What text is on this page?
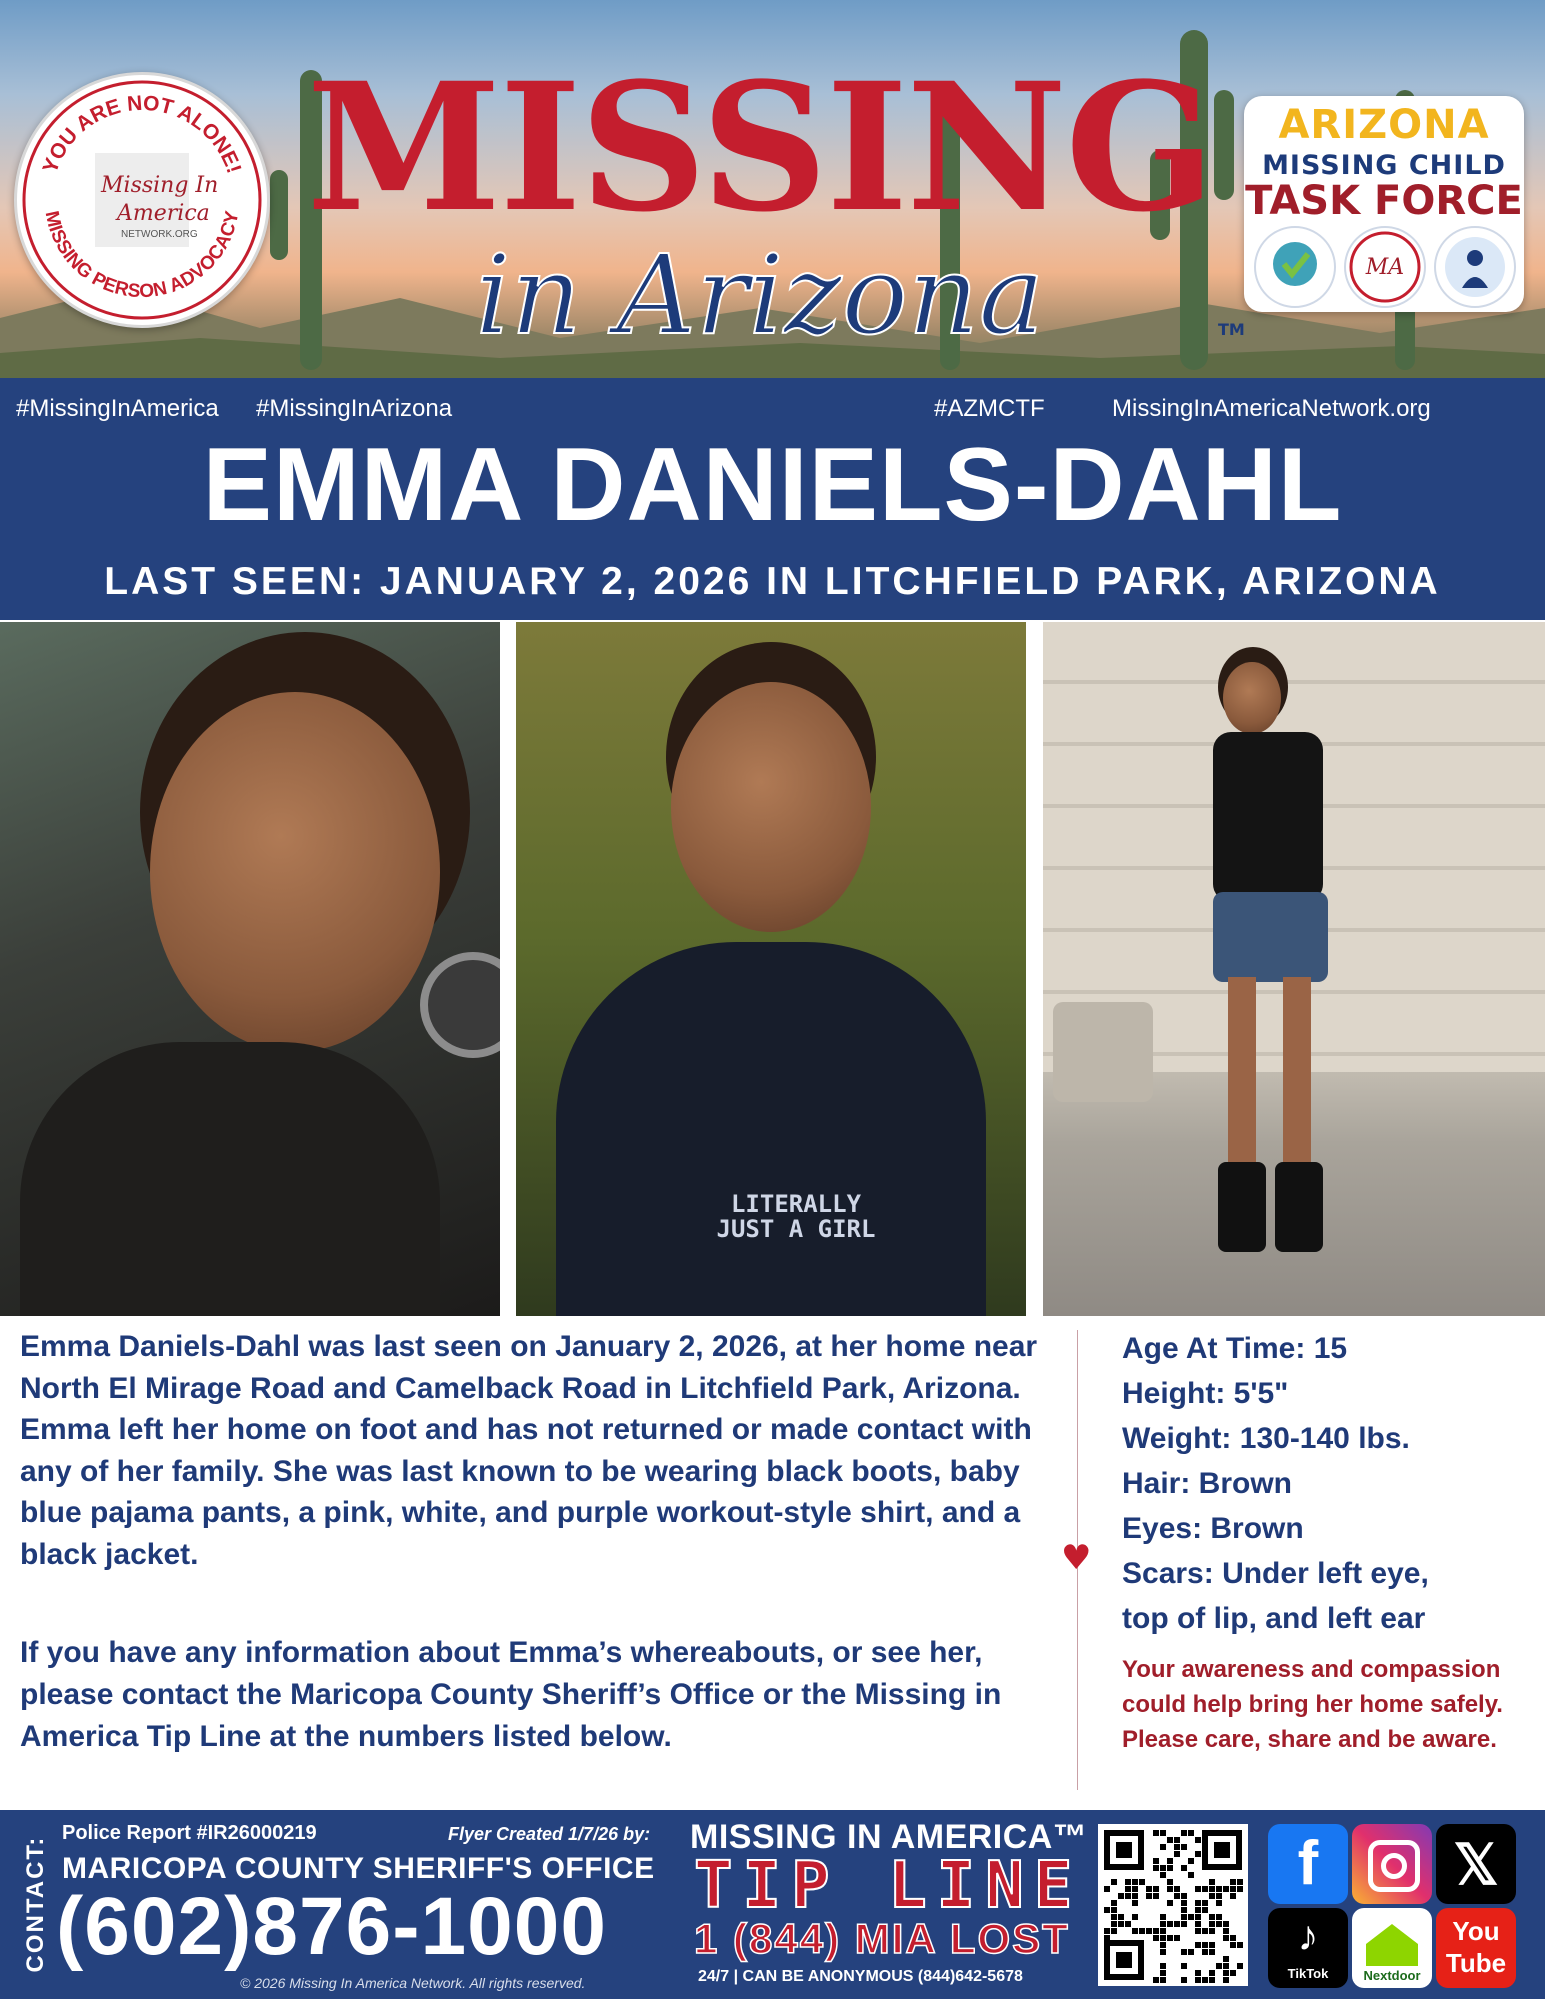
YOU ARE NOT ALONE!
MISSING PERSON ADVOCACY
Missing In
America
NETWORK.ORG MISSING
in Arizona	TM
ARIZONA
MISSING CHILD
TASK FORCE
MA
#MissingInAmerica #MissingInArizona	#AZMCTF	MissingInAmericaNetwork.org
EMMA DANIELS-DAHL
LAST SEEN: JANUARY 2, 2026 IN LITCHFIELD PARK, ARIZONA
LITERALLY
JUST A GIRL
Emma Daniels-Dahl was last seen on January 2, 2026, at her home near North El Mirage Road and Camelback Road in Litchfield Park, Arizona. Emma left her home on foot and has not returned or made contact with any of her family. She was last known to be wearing black boots, baby blue pajama pants, a pink, white, and purple workout-style shirt, and a black jacket.
If you have any information about Emma’s whereabouts, or see her, please contact the Maricopa County Sheriff’s Office or the Missing in America Tip Line at the numbers listed below.
♥
Age At Time: 15
Height: 5'5"
Weight: 130-140 lbs.
Hair: Brown
Eyes: Brown
Scars: Under left eye,
top of lip, and left ear
Your awareness and compassion could help bring her home safely. Please care, share and be aware.
CONTACT:
Police Report #IR26000219	Flyer Created 1/7/26 by:
MARICOPA COUNTY SHERIFF'S OFFICE
(602)876-1000
© 2026 Missing In America Network. All rights reserved.
MISSING IN AMERICA™
TIP LINE
1 (844) MIA LOST
24/7 | CAN BE ANONYMOUS (844)642-5678
f	𝕏
♪
TikTok	Nextdoor
You
Tube
